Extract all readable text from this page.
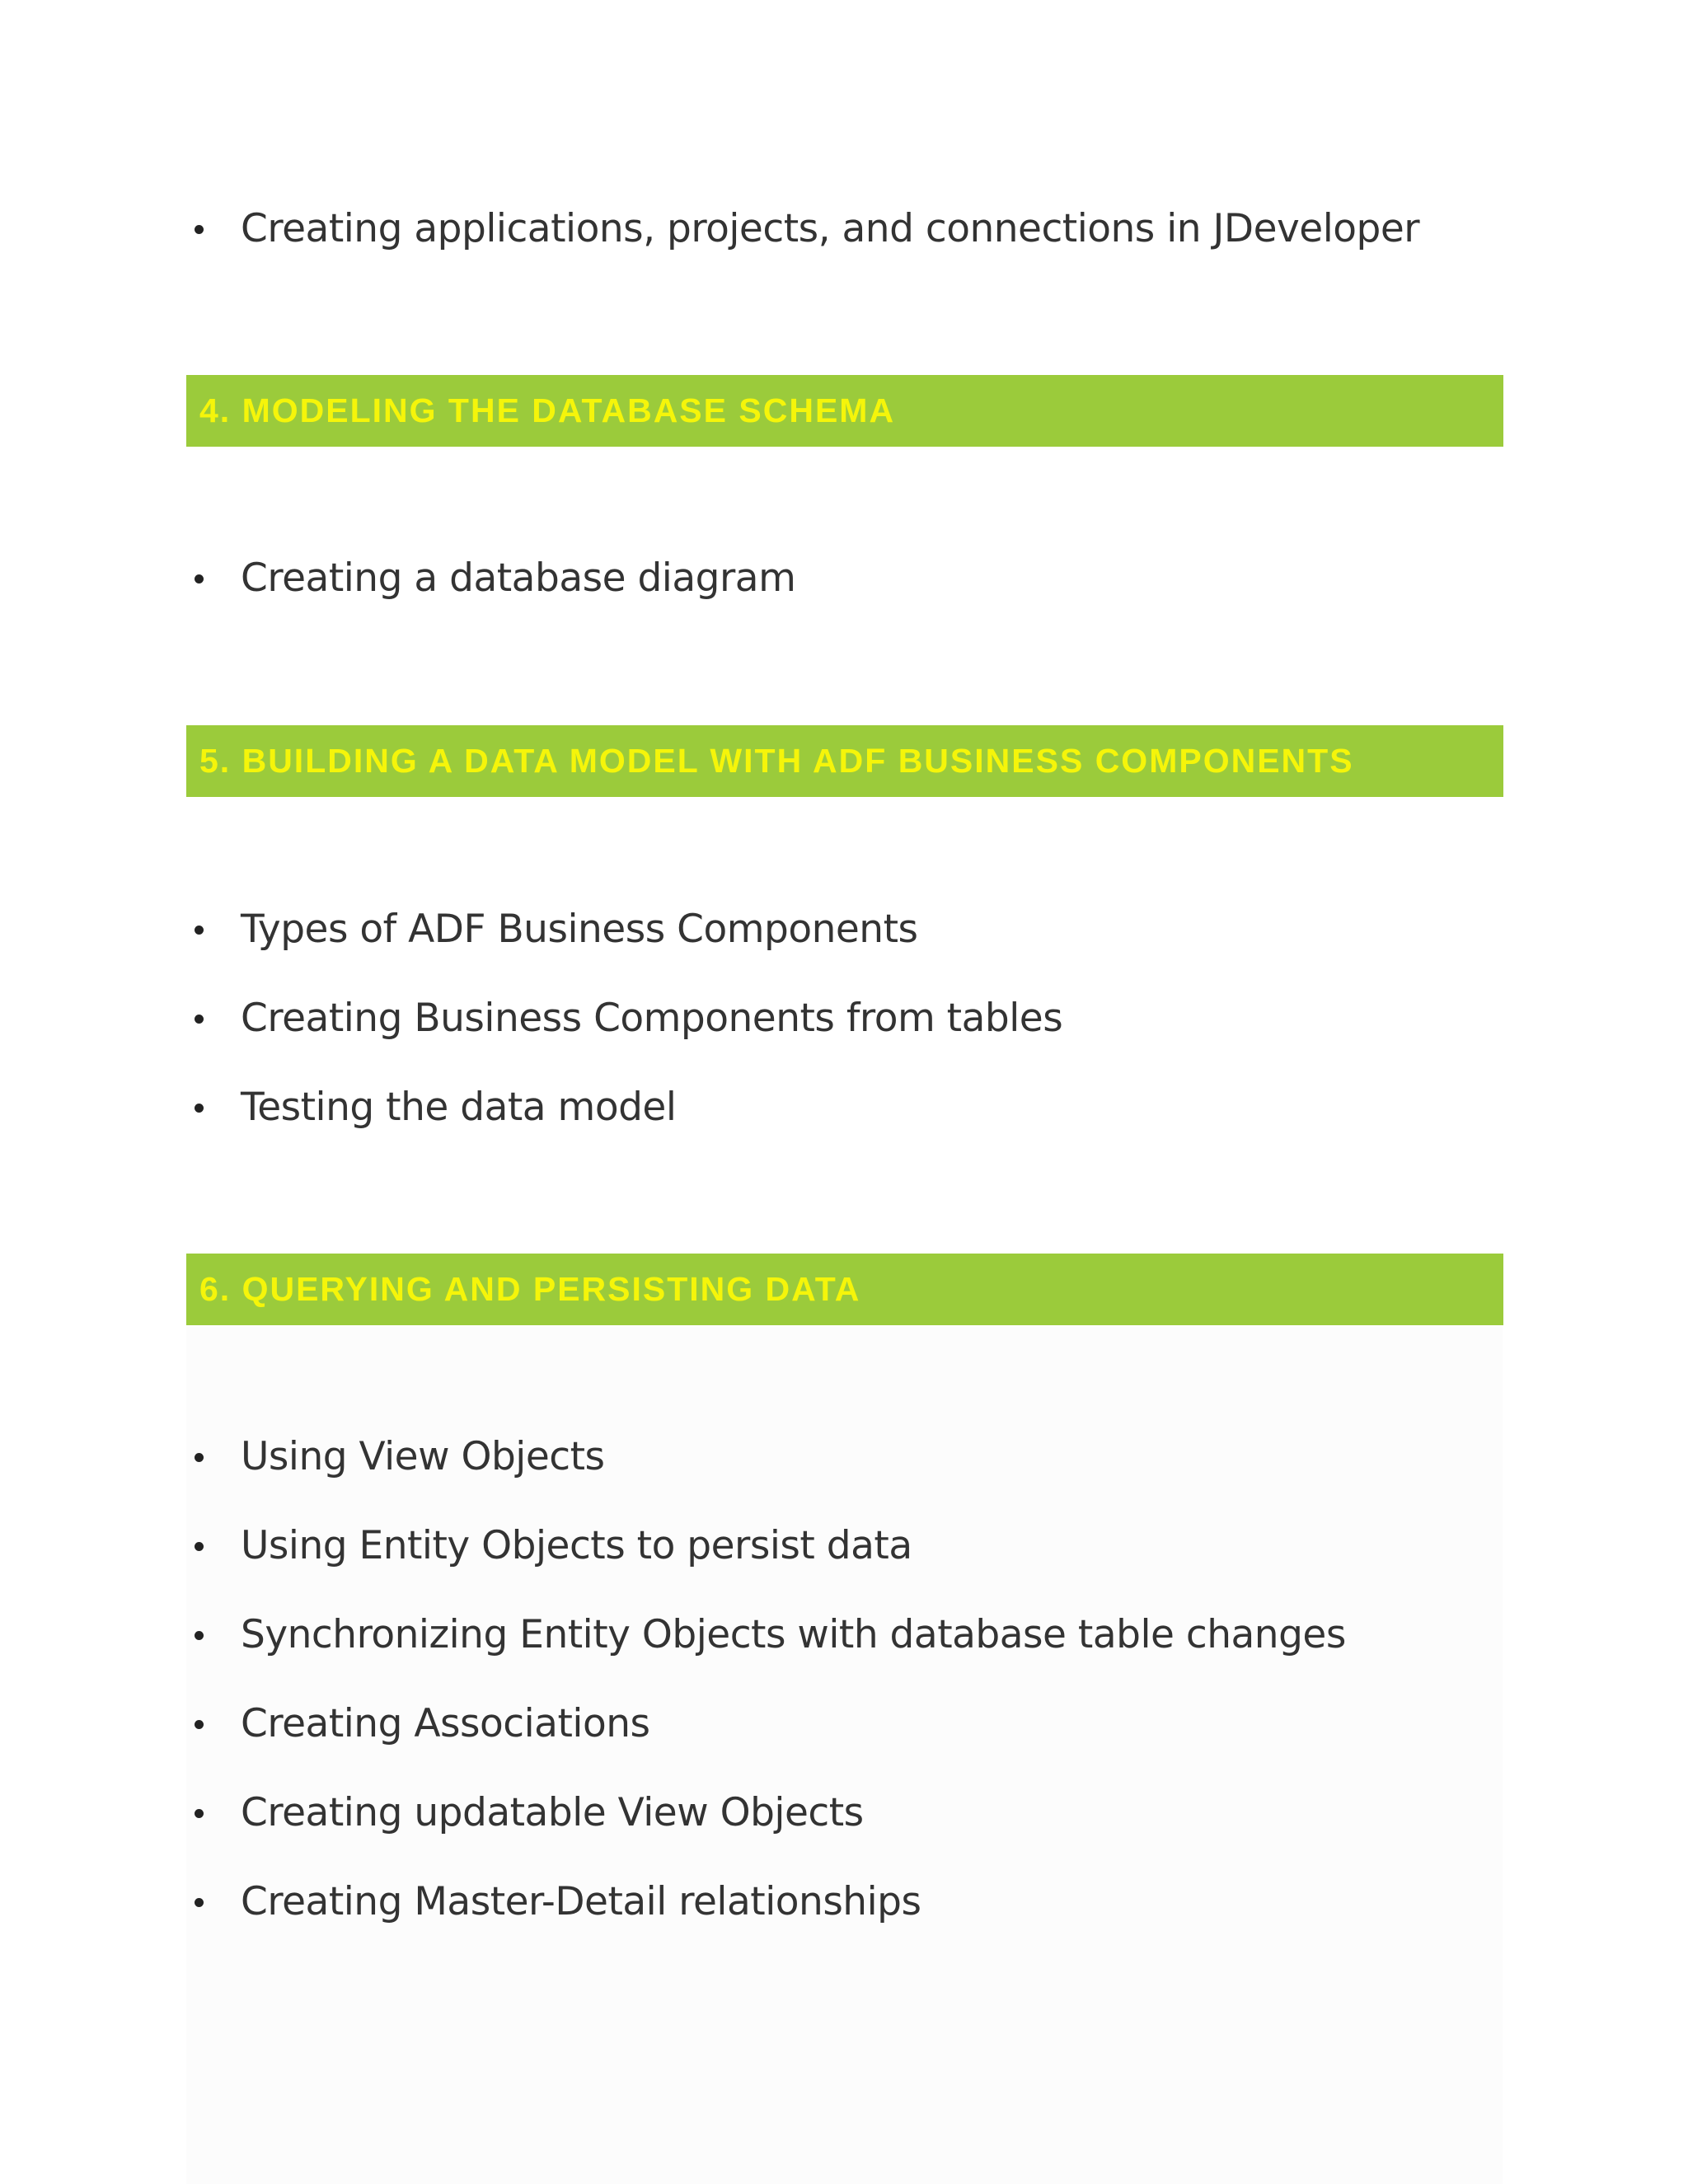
Creating applications, projects, and connections in JDeveloper
4. MODELING THE DATABASE SCHEMA
Creating a database diagram
5. BUILDING A DATA MODEL WITH ADF BUSINESS COMPONENTS
Types of ADF Business Components
Creating Business Components from tables
Testing the data model
6. QUERYING AND PERSISTING DATA
Using View Objects
Using Entity Objects to persist data
Synchronizing Entity Objects with database table changes
Creating Associations
Creating updatable View Objects
Creating Master-Detail relationships
